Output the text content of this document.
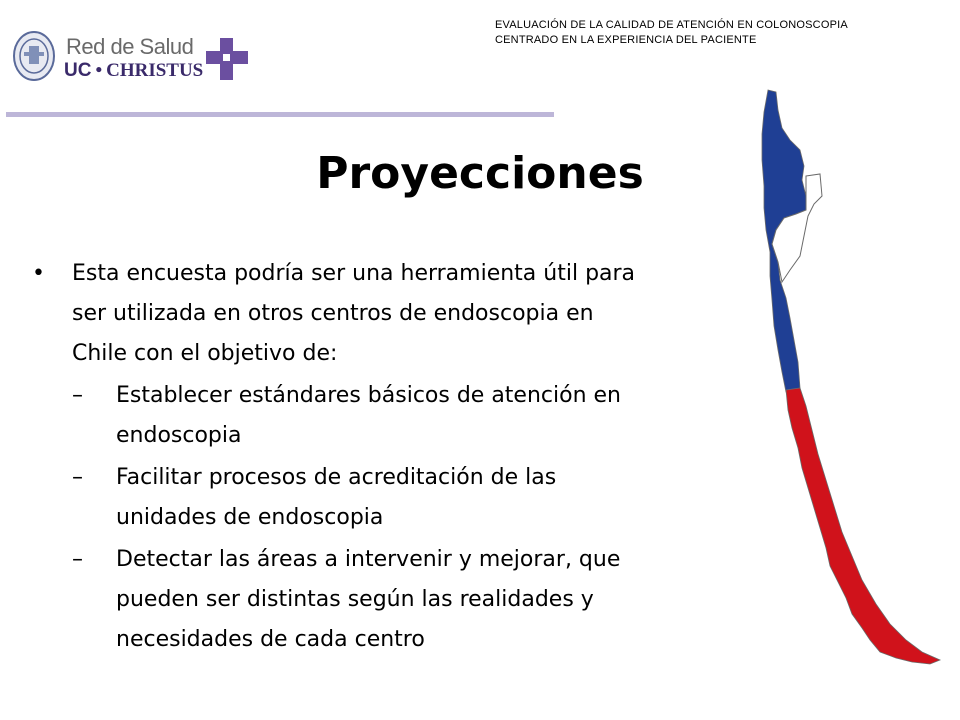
Red de Salud
UC • CHRISTUS
EVALUACIÓN DE LA CALIDAD DE ATENCIÓN EN COLONOSCOPIA
CENTRADO EN LA EXPERIENCIA DEL PACIENTE
Proyecciones
• Esta encuesta podría ser una herramienta útil para
ser utilizada en otros centros de endoscopia en
Chile con el objetivo de:
– Establecer estándares básicos de atención en
endoscopia
– Facilitar procesos de acreditación de las
unidades de endoscopia
– Detectar las áreas a intervenir y mejorar, que
pueden ser distintas según las realidades y
necesidades de cada centro
